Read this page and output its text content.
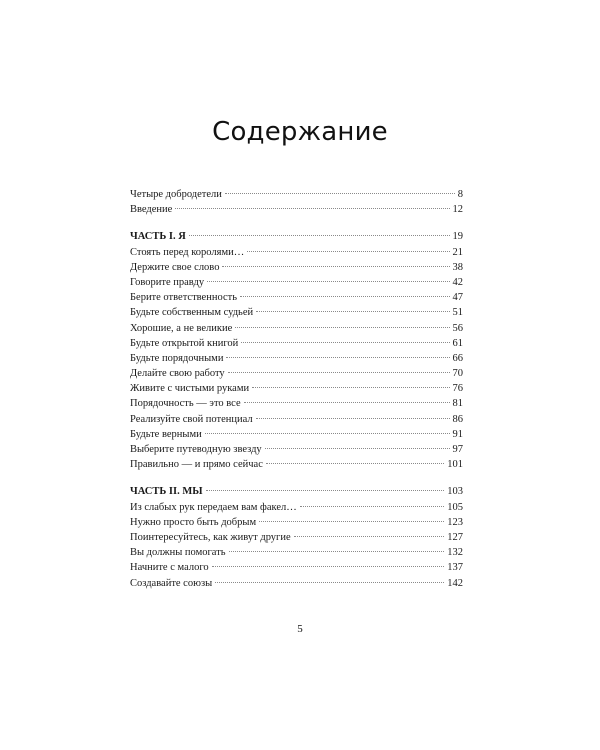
Содержание
Четыре добродетели	8
Введение	12
ЧАСТЬ I. Я	19
Стоять перед королями…	21
Держите свое слово	38
Говорите правду	42
Берите ответственность	47
Будьте собственным судьей	51
Хорошие, а не великие	56
Будьте открытой книгой	61
Будьте порядочными	66
Делайте свою работу	70
Живите с чистыми руками	76
Порядочность — это все	81
Реализуйте свой потенциал	86
Будьте верными	91
Выберите путеводную звезду	97
Правильно — и прямо сейчас	101
ЧАСТЬ II. МЫ	103
Из слабых рук передаем вам факел…	105
Нужно просто быть добрым	123
Поинтересуйтесь, как живут другие	127
Вы должны помогать	132
Начните с малого	137
Создавайте союзы	142
5
